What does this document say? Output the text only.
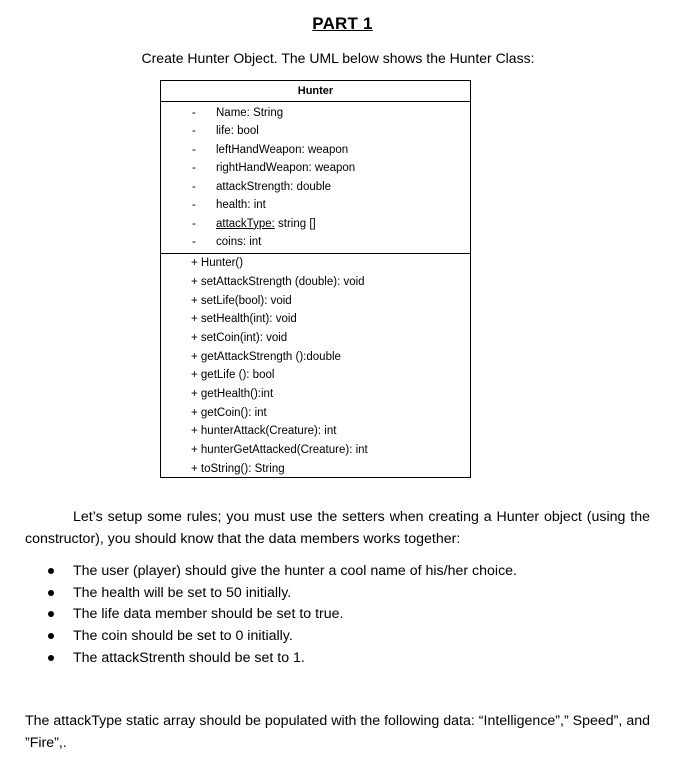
PART 1
Create Hunter Object. The UML below shows the Hunter Class:
Hunter
- Name: String
- life: bool
- leftHandWeapon: weapon
- rightHandWeapon: weapon
- attackStrength: double
- health: int
- attackType: string []
- coins: int
+ Hunter()
+ setAttackStrength (double): void
+ setLife(bool): void
+ setHealth(int): void
+ setCoin(int): void
+ getAttackStrength ():double
+ getLife (): bool
+ getHealth():int
+ getCoin(): int
+ hunterAttack(Creature): int
+ hunterGetAttacked(Creature): int
+ toString(): String
Let’s setup some rules; you must use the setters when creating a Hunter object (using the constructor), you should know that the data members works together:
The user (player) should give the hunter a cool name of his/her choice.
The health will be set to 50 initially.
The life data member should be set to true.
The coin should be set to 0 initially.
The attackStrenth should be set to 1.
The attackType static array should be populated with the following data: “Intelligence”,” Speed”, and ”Fire”,.
